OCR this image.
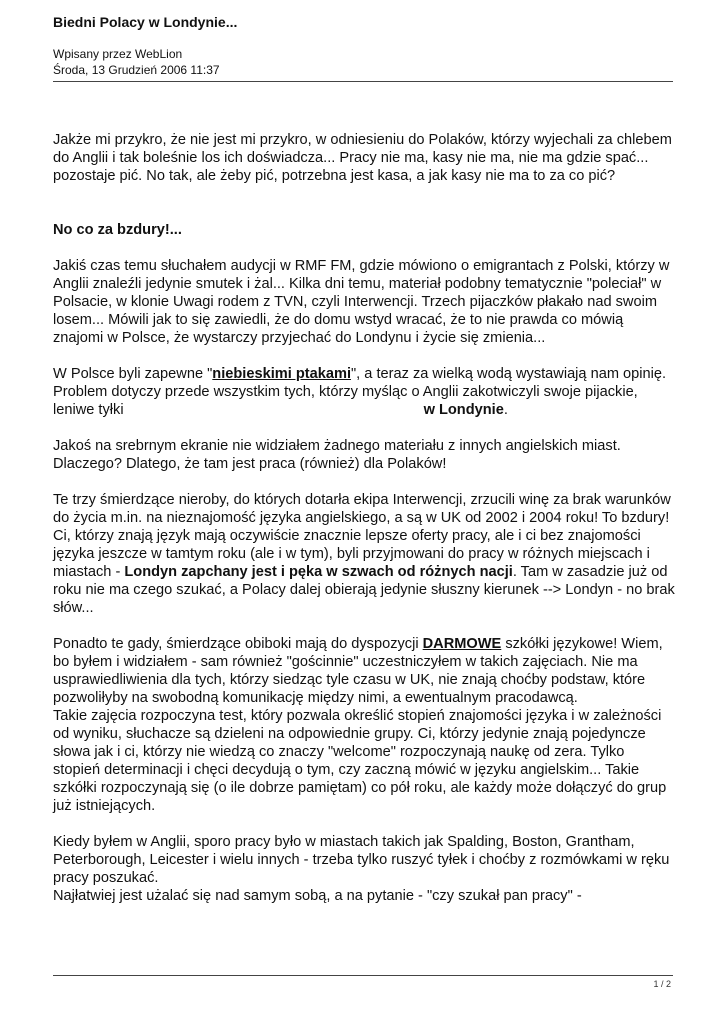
Biedni Polacy w Londynie...
Wpisany przez WebLion
Środa, 13 Grudzień 2006 11:37

Jakże mi przykro, że nie jest mi przykro, w odniesieniu do Polaków, którzy wyjechali za chlebem do Anglii i tak boleśnie los ich doświadcza... Pracy nie ma, kasy nie ma, nie ma gdzie spać... pozostaje pić. No tak, ale żeby pić, potrzebna jest kasa, a jak kasy nie ma to za co pić?

No co za bzdury!...

Jakiś czas temu słuchałem audycji w RMF FM, gdzie mówiono o emigrantach z Polski, którzy w Anglii znaleźli jedynie smutek i żal... Kilka dni temu, materiał podobny tematycznie "poleciał" w Polsacie, w klonie Uwagi rodem z TVN, czyli Interwencji. Trzech pijaczków płakało nad swoim losem... Mówili jak to się zawiedli, że do domu wstyd wracać, że to nie prawda co mówią znajomi w Polsce, że wystarczy przyjechać do Londynu i życie się zmienia...

W Polsce byli zapewne "niebieskimi ptakami", a teraz za wielką wodą wystawiają nam opinię. Problem dotyczy przede wszystkim tych, którzy myśląc o Anglii zakotwiczyli swoje pijackie, leniwe tyłki	w Londynie.

Jakoś na srebrnym ekranie nie widziałem żadnego materiału z innych angielskich miast. Dlaczego? Dlatego, że tam jest praca (również) dla Polaków!

Te trzy śmierdzące nieroby, do których dotarła ekipa Interwencji, zrzucili winę za brak warunków do życia m.in. na nieznajomość języka angielskiego, a są w UK od 2002 i 2004 roku! To bzdury!

Ci, którzy znają język mają oczywiście znacznie lepsze oferty pracy, ale i ci bez znajomości języka jeszcze w tamtym roku (ale i w tym), byli przyjmowani do pracy w różnych miejscach i miastach - Londyn zapchany jest i pęka w szwach od różnych nacji. Tam w zasadzie już od roku nie ma czego szukać, a Polacy dalej obierają jedynie słuszny kierunek --> Londyn - no brak słów...

Ponadto te gady, śmierdzące obiboki mają do dyspozycji DARMOWE szkółki językowe! Wiem, bo byłem i widziałem - sam również "gościnnie" uczestniczyłem w takich zajęciach. Nie ma usprawiedliwienia dla tych, którzy siedząc tyle czasu w UK, nie znają choćby podstaw, które pozwoliłyby na swobodną komunikację między nimi, a ewentualnym pracodawcą.

Takie zajęcia rozpoczyna test, który pozwala określić stopień znajomości języka i w zależności od wyniku, słuchacze są dzieleni na odpowiednie grupy. Ci, którzy jedynie znają pojedyncze słowa jak i ci, którzy nie wiedzą co znaczy "welcome" rozpoczynają naukę od zera. Tylko stopień determinacji i chęci decydują o tym, czy zaczną mówić w języku angielskim... Takie szkółki rozpoczynają się (o ile dobrze pamiętam) co pół roku, ale każdy może dołączyć do grup już istniejących.

Kiedy byłem w Anglii, sporo pracy było w miastach takich jak Spalding, Boston, Grantham, Peterborough, Leicester i wielu innych - trzeba tylko ruszyć tyłek i choćby z rozmówkami w ręku pracy poszukać.

Najłatwiej jest użalać się nad samym sobą, a na pytanie - "czy szukał pan pracy" -

1 / 2
